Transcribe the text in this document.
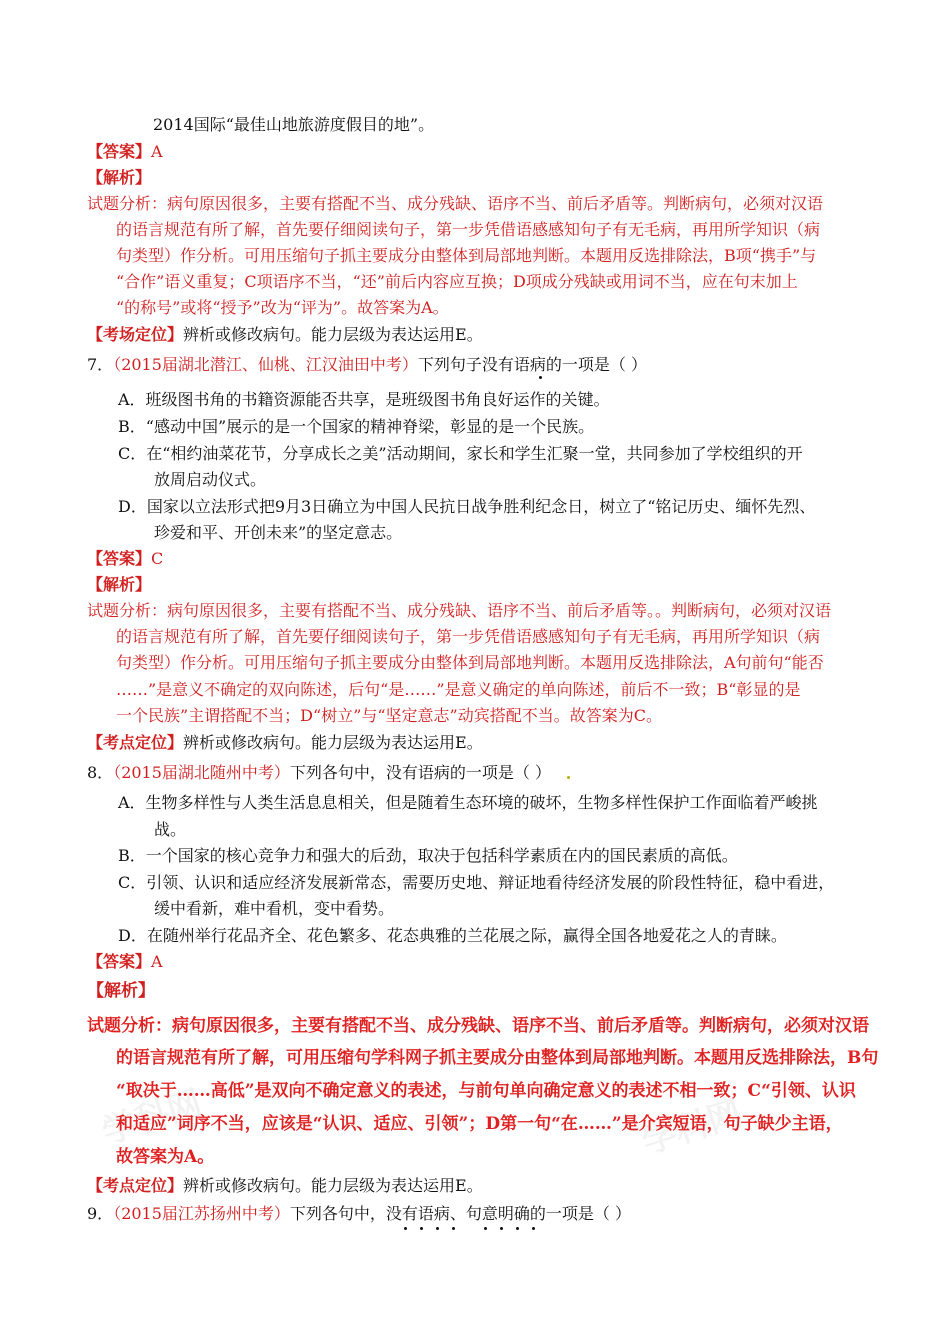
学科网	学科网
2014国际“最佳山地旅游度假目的地”。
【答案】A
【解析】
试题分析：病句原因很多，主要有搭配不当、成分残缺、语序不当、前后矛盾等。判断病句，必须对汉语
的语言规范有所了解，首先要仔细阅读句子，第一步凭借语感感知句子有无毛病，再用所学知识（病
句类型）作分析。可用压缩句子抓主要成分由整体到局部地判断。本题用反选排除法，B项“携手”与
“合作”语义重复；C项语序不当，“还”前后内容应互换；D项成分残缺或用词不当，应在句末加上
“的称号”或将“授予”改为“评为”。故答案为A。
【考场定位】辨析或修改病句。能力层级为表达运用E。
7．（2015届湖北潜江、仙桃、江汉油田中考）下列句子没有语病的一项是（ ）
A．班级图书角的书籍资源能否共享，是班级图书角良好运作的关键。
B．“感动中国”展示的是一个国家的精神脊梁，彰显的是一个民族。
C．在“相约油菜花节，分享成长之美”活动期间，家长和学生汇聚一堂，共同参加了学校组织的开
放周启动仪式。
D．国家以立法形式把9月3日确立为中国人民抗日战争胜利纪念日，树立了“铭记历史、缅怀先烈、
珍爱和平、开创未来”的坚定意志。
【答案】C
【解析】
试题分析：病句原因很多，主要有搭配不当、成分残缺、语序不当、前后矛盾等。。判断病句，必须对汉语
的语言规范有所了解，首先要仔细阅读句子，第一步凭借语感感知句子有无毛病，再用所学知识（病
句类型）作分析。可用压缩句子抓主要成分由整体到局部地判断。本题用反选排除法，A句前句“能否
……”是意义不确定的双向陈述，后句“是……”是意义确定的单向陈述，前后不一致；B“彰显的是
一个民族”主谓搭配不当；D“树立”与“坚定意志”动宾搭配不当。故答案为C。
【考点定位】辨析或修改病句。能力层级为表达运用E。
8．（2015届湖北随州中考）下列各句中，没有语病的一项是（ ）
A．生物多样性与人类生活息息相关，但是随着生态环境的破坏，生物多样性保护工作面临着严峻挑
战。
B．一个国家的核心竞争力和强大的后劲，取决于包括科学素质在内的国民素质的高低。
C．引领、认识和适应经济发展新常态，需要历史地、辩证地看待经济发展的阶段性特征，稳中看进，
缓中看新，难中看机，变中看势。
D．在随州举行花品齐全、花色繁多、花态典雅的兰花展之际，赢得全国各地爱花之人的青睐。
【答案】A
【解析】
试题分析：病句原因很多，主要有搭配不当、成分残缺、语序不当、前后矛盾等。判断病句，必须对汉语
的语言规范有所了解，可用压缩句学科网子抓主要成分由整体到局部地判断。本题用反选排除法，B句
“取决于……高低”是双向不确定意义的表述，与前句单向确定意义的表述不相一致；C“引领、认识
和适应”词序不当，应该是“认识、适应、引领”；D第一句“在……”是介宾短语，句子缺少主语，
故答案为A。
【考点定位】辨析或修改病句。能力层级为表达运用E。
9．（2015届江苏扬州中考）下列各句中，没有语病、句意明确的一项是（ ）
